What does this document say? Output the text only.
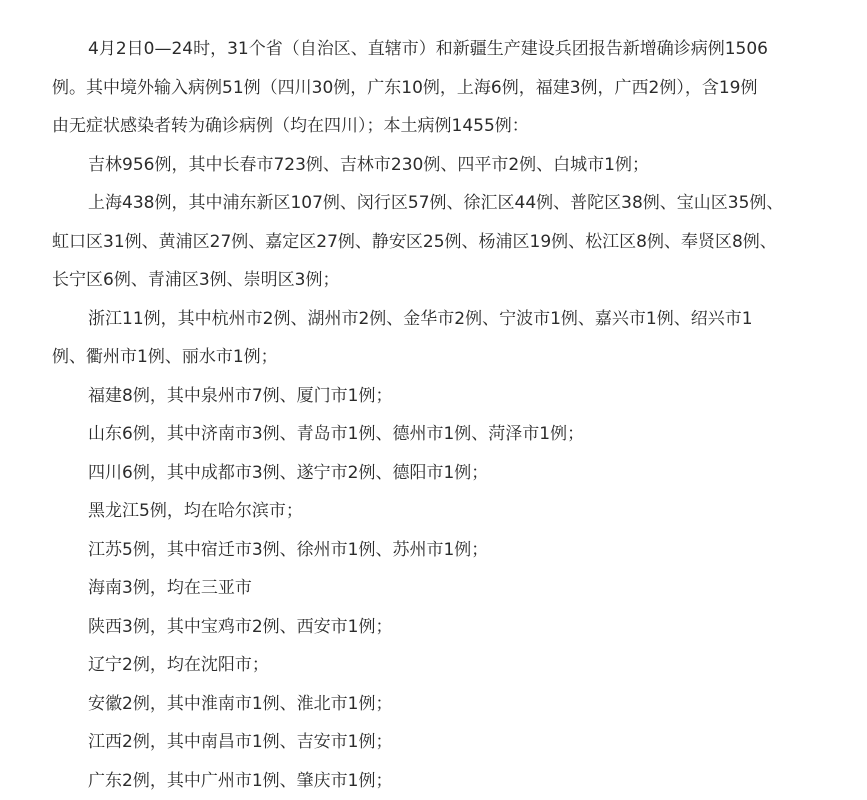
4月2日0—24时，31个省（自治区、直辖市）和新疆生产建设兵团报告新增确诊病例1506
例。其中境外输入病例51例（四川30例，广东10例，上海6例，福建3例，广西2例），含19例
由无症状感染者转为确诊病例（均在四川）；本土病例1455例：

吉林956例，其中长春市723例、吉林市230例、四平市2例、白城市1例；

上海438例，其中浦东新区107例、闵行区57例、徐汇区44例、普陀区38例、宝山区35例、
虹口区31例、黄浦区27例、嘉定区27例、静安区25例、杨浦区19例、松江区8例、奉贤区8例、
长宁区6例、青浦区3例、崇明区3例；

浙江11例，其中杭州市2例、湖州市2例、金华市2例、宁波市1例、嘉兴市1例、绍兴市1
例、衢州市1例、丽水市1例；

福建8例，其中泉州市7例、厦门市1例；

山东6例，其中济南市3例、青岛市1例、德州市1例、菏泽市1例；

四川6例，其中成都市3例、遂宁市2例、德阳市1例；

黑龙江5例，均在哈尔滨市；

江苏5例，其中宿迁市3例、徐州市1例、苏州市1例；

海南3例，均在三亚市

陕西3例，其中宝鸡市2例、西安市1例；

辽宁2例，均在沈阳市；

安徽2例，其中淮南市1例、淮北市1例；

江西2例，其中南昌市1例、吉安市1例；

广东2例，其中广州市1例、肇庆市1例；
